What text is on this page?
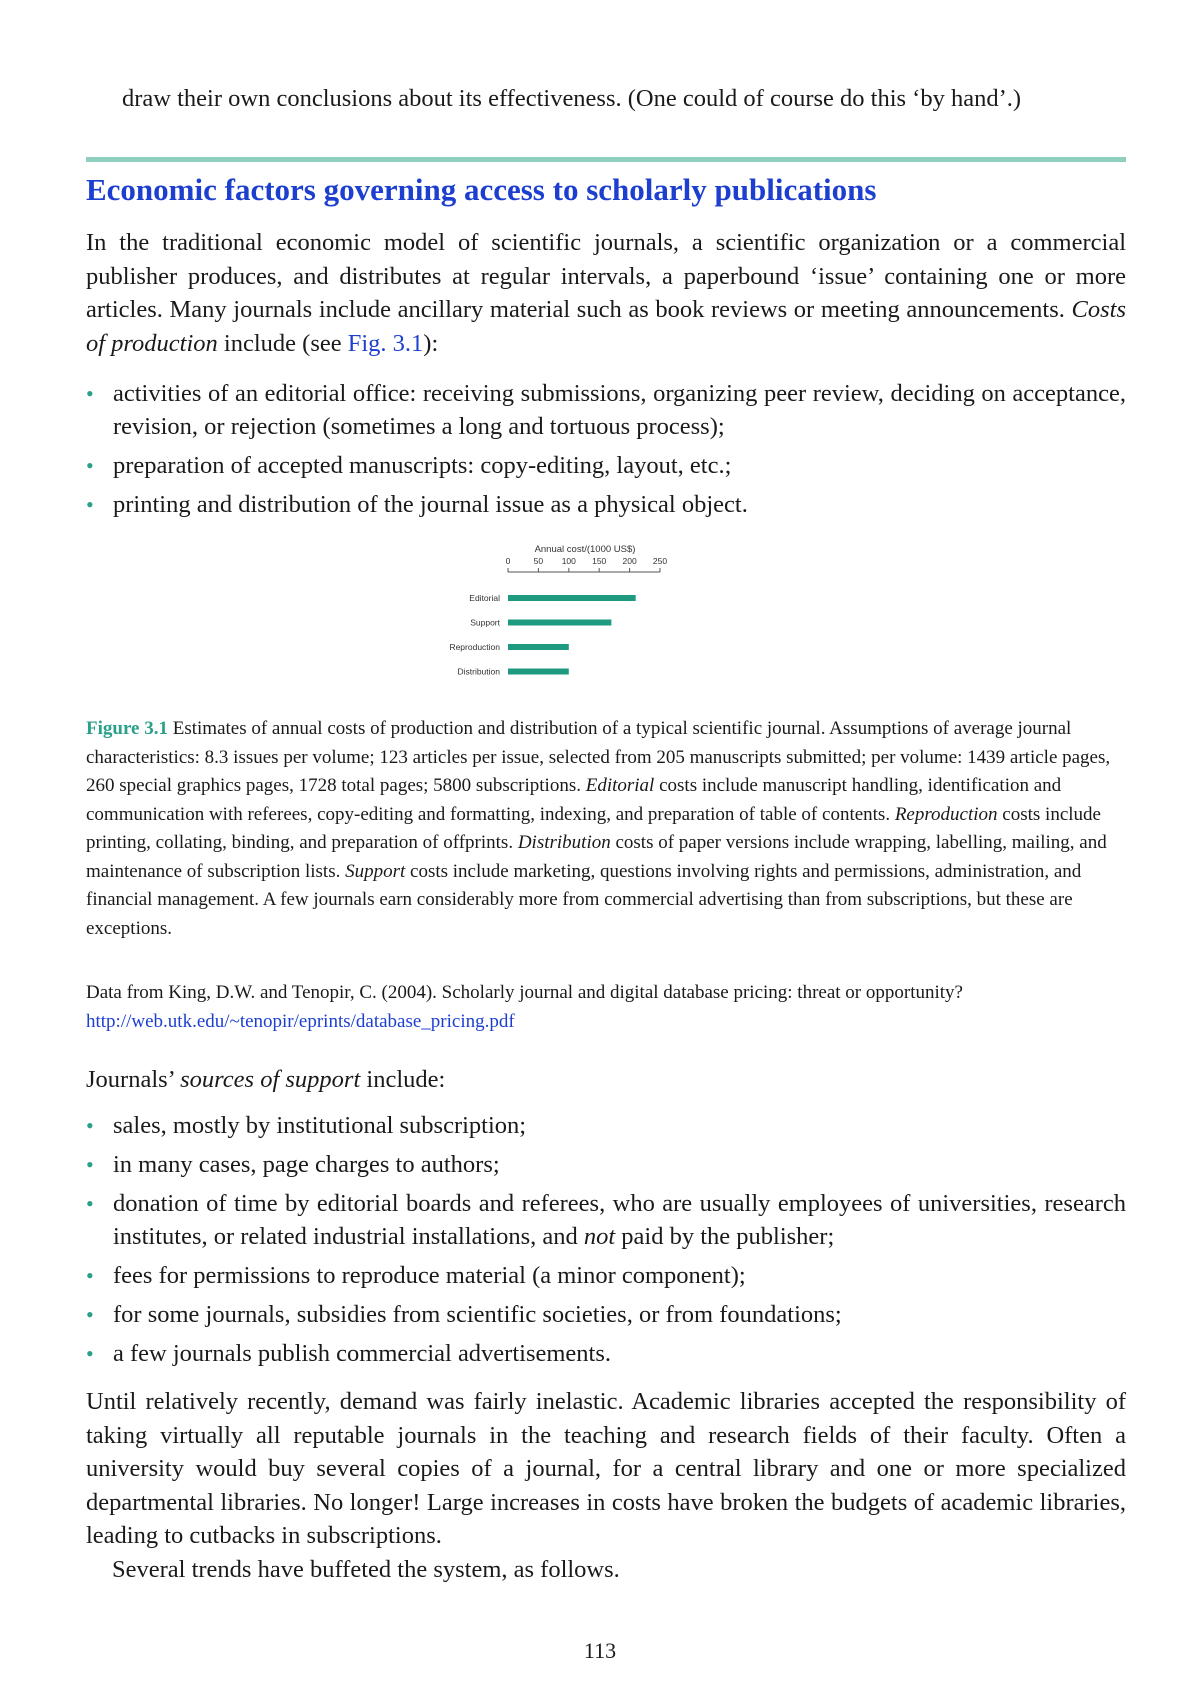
draw their own conclusions about its effectiveness. (One could of course do this ‘by hand’.)
Economic factors governing access to scholarly publications

In the traditional economic model of scientific journals, a scientific organization or a commercial publisher produces, and distributes at regular intervals, a paperbound ‘issue’ containing one or more articles. Many journals include ancillary material such as book reviews or meeting announcements. Costs of production include (see Fig. 3.1):

• activities of an editorial office: receiving submissions, organizing peer review, deciding on acceptance, revision, or rejection (sometimes a long and tortuous process);
• preparation of accepted manuscripts: copy-editing, layout, etc.;
• printing and distribution of the journal issue as a physical object.
Annual cost/(1000 US$)
0	50 100 150 200 250
Editorial
Support
Reproduction
Distribution

Figure 3.1 Estimates of annual costs of production and distribution of a typical scientific journal. Assumptions of average journal characteristics: 8.3 issues per volume; 123 articles per issue, selected from 205 manuscripts submitted; per volume: 1439 article pages, 260 special graphics pages, 1728 total pages; 5800 subscriptions. Editorial costs include manuscript handling, identification and communication with referees, copy-editing and formatting, indexing, and preparation of table of contents. Reproduction costs include printing, collating, binding, and preparation of offprints. Distribution costs of paper versions include wrapping, labelling, mailing, and maintenance of subscription lists. Support costs include marketing, questions involving rights and permissions, administration, and financial management. A few journals earn considerably more from commercial advertising than from subscriptions, but these are exceptions.

Data from King, D.W. and Tenopir, C. (2004). Scholarly journal and digital database pricing: threat or opportunity?
http://web.utk.edu/~tenopir/eprints/database_pricing.pdf

Journals’ sources of support include:

• sales, mostly by institutional subscription;
• in many cases, page charges to authors;
• donation of time by editorial boards and referees, who are usually employees of universities, research institutes, or related industrial installations, and not paid by the publisher;
• fees for permissions to reproduce material (a minor component);
• for some journals, subsidies from scientific societies, or from foundations;
• a few journals publish commercial advertisements.

Until relatively recently, demand was fairly inelastic. Academic libraries accepted the responsibility of taking virtually all reputable journals in the teaching and research fields of their faculty. Often a university would buy several copies of a journal, for a central library and one or more specialized departmental libraries. No longer! Large increases in costs have broken the budgets of academic libraries, leading to cutbacks in subscriptions.

Several trends have buffeted the system, as follows.

113
